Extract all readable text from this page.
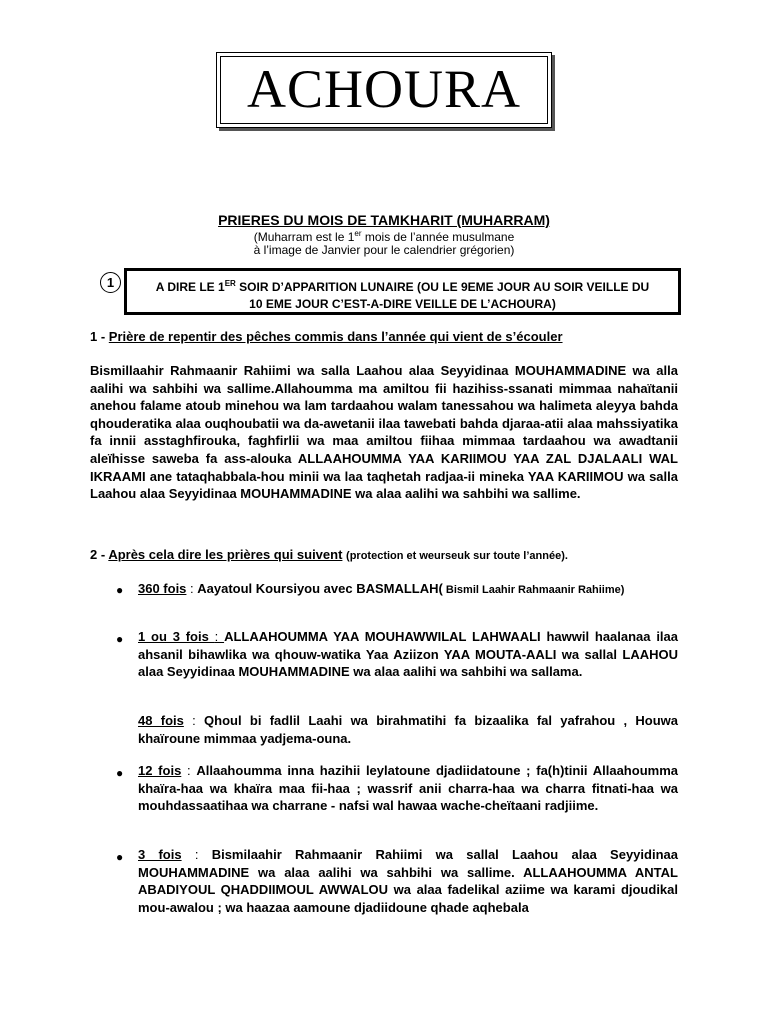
ACHOURA
PRIERES DU MOIS DE TAMKHARIT (MUHARRAM)
(Muharram est le 1er mois de l’année musulmane
à l’image de Janvier pour le calendrier grégorien)
1	A DIRE LE 1ER SOIR D’APPARITION LUNAIRE (OU LE 9EME JOUR AU SOIR VEILLE DU
10 EME JOUR C’EST-A-DIRE VEILLE DE L’ACHOURA)
1 - Prière de repentir des pêches commis dans l’année qui vient de s’écouler
Bismillaahir Rahmaanir Rahiimi wa salla Laahou alaa Seyyidinaa MOUHAMMADINE wa alla aalihi wa sahbihi wa sallime.Allahoumma ma amiltou fii hazihiss-ssanati mimmaa nahaïtanii anehou falame atoub minehou wa lam tardaahou walam tanessahou wa halimeta aleyya bahda qhouderatika alaa ouqhoubatii wa da-awetanii ilaa tawebati bahda djaraa-atii alaa mahssiyatika fa innii asstaghfirouka, faghfirlii wa maa amiltou fiihaa mimmaa tardaahou wa awadtanii aleïhisse saweba fa ass-alouka ALLAAHOUMMA YAA KARIIMOU YAA ZAL DJALAALI WAL IKRAAMI ane tataqhabbala-hou minii wa laa taqhetah radjaa-ii mineka YAA KARIIMOU wa salla Laahou alaa Seyyidinaa MOUHAMMADINE wa alaa aalihi wa sahbihi wa sallime.
2 - Après cela dire les prières qui suivent (protection et weurseuk sur toute l’année).
● 360 fois : Aayatoul Koursiyou avec BASMALLAH( Bismil Laahir Rahmaanir Rahiime)
● 1 ou 3 fois : ALLAAHOUMMA YAA MOUHAWWILAL LAHWAALI hawwil haalanaa ilaa ahsanil bihawlika wa qhouw-watika Yaa Aziizon YAA MOUTA-AALI wa sallal LAAHOU alaa Seyyidinaa MOUHAMMADINE wa alaa aalihi wa sahbihi wa sallama.
48 fois : Qhoul bi fadlil Laahi wa birahmatihi fa bizaalika fal yafrahou , Houwa khaïroune mimmaa yadjema-ouna.
● 12 fois : Allaahoumma inna hazihii leylatoune djadiidatoune ; fa(h)tinii Allaahoumma khaïra-haa wa khaïra maa fii-haa ; wassrif anii charra-haa wa charra fitnati-haa wa mouhdassaatihaa wa charrane - nafsi wal hawaa wache-cheïtaani radjiime.
● 3 fois : Bismilaahir Rahmaanir Rahiimi wa sallal Laahou alaa Seyyidinaa MOUHAMMADINE wa alaa aalihi wa sahbihi wa sallime. ALLAAHOUMMA ANTAL ABADIYOUL QHADDIIMOUL AWWALOU wa alaa fadelikal aziime wa karami djoudikal mou-awalou ; wa haazaa aamoune djadiidoune qhade aqhebala
